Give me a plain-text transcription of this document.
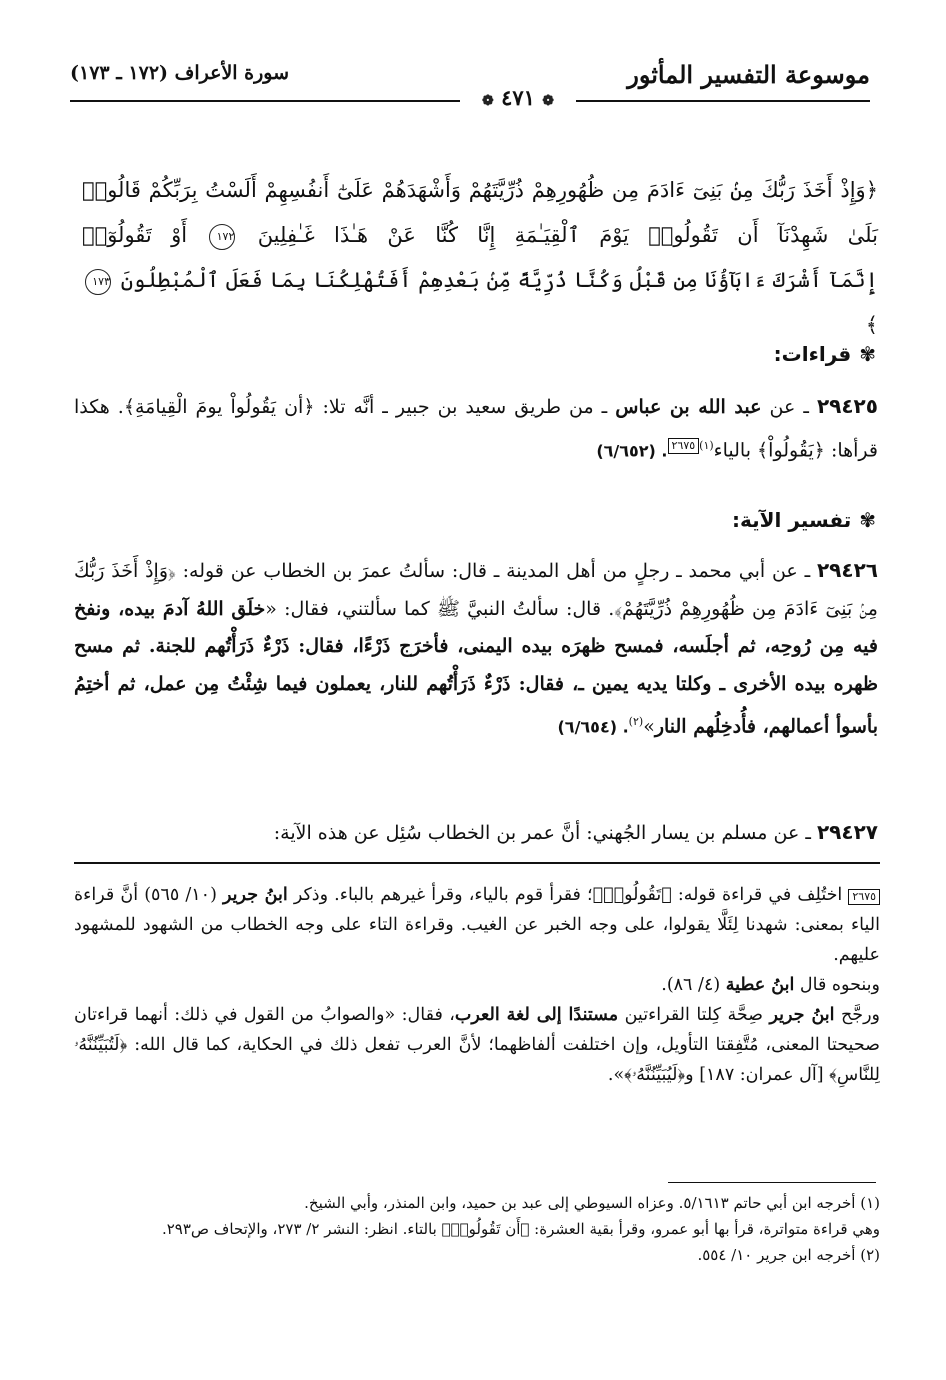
موسوعة التفسير المأثور
سورة الأعراف (١٧٢ ـ ١٧٣)
❁ ٤٧١ ❁
﴿وَإِذْ أَخَذَ رَبُّكَ مِنۢ بَنِىٓ ءَادَمَ مِن ظُهُورِهِمْ ذُرِّيَّتَهُمْ وَأَشْهَدَهُمْ عَلَىٰٓ أَنفُسِهِمْ أَلَسْتُ بِرَبِّكُمْ قَالُوا۟ بَلَىٰ شَهِدْنَآ أَن تَقُولُوا۟ يَوْمَ ٱلْقِيَـٰمَةِ إِنَّا كُنَّا عَنْ هَـٰذَا غَـٰفِلِينَ ١٧٢ أَوْ تَقُولُوٓا۟
إِنَّمَآ أَشْرَكَ ءَابَآؤُنَا مِن قَبْلُ وَكُنَّا ذُرِّيَّةً مِّنۢ بَعْدِهِمْ أَفَتُهْلِكُنَا بِمَا فَعَلَ ٱلْمُبْطِلُونَ ١٧٣ ﴾
✾قراءات:
٢٩٤٢٥ ـ عن عبد الله بن عباس ـ من طريق سعيد بن جبير ـ أنَّه تلا: ﴿أن يَقُولُواْ يومَ الْقِيامَةِ﴾. هكذا قرأها: ﴿يَقُولُواْ﴾ بالياء$^{(١)}$٢٦٧٥. (٦/٦٥٢)
✾تفسير الآية:
٢٩٤٢٦ ـ عن أبي محمد ـ رجلٍ من أهل المدينة ـ قال: سألتُ عمرَ بن الخطاب عن قوله: ﴿وَإِذْ أَخَذَ رَبُّكَ مِنۢ بَنِىٓ ءَادَمَ مِن ظُهُورِهِمْ ذُرِّيَّتَهُمْ﴾. قال: سألتُ النبيَّ ﷺ كما سألتني، فقال: «خلَق اللهُ آدمَ بيده، ونفخ فيه مِن رُوحِه، ثم أجلَسه، فمسح ظهرَه بيده اليمنى، فأخرَج ذَرْءًا، فقال: ذَرْءٌ ذَرَأْتُهم للجنة. ثم مسح ظهره بيده الأخرى ـ وكلتا يديه يمين ـ، فقال: ذَرْءٌ ذَرَأْتُهم للنار، يعملون فيما شِئْتُ مِن عمل، ثم أختِمُ بأسوأ أعمالهم، فأُدخِلُهم النار»$^{(٢)}$. (٦/٦٥٤)
٢٩٤٢٧ ـ عن مسلم بن يسار الجُهني: أنَّ عمر بن الخطاب سُئِل عن هذه الآية:

٢٦٧٥ اختُلِف في قراءة قوله: ﴿تَقُولُوا۟﴾؛ فقرأ قوم بالياء، وقرأ غيرهم بالباء. وذكر ابنُ جرير (١٠/ ٥٦٥) أنَّ قراءة الياء بمعنى: شهدنا لِئَلَّا يقولوا، على وجه الخبر عن الغيب. وقراءة التاء على وجه الخطاب من الشهود للمشهود عليهم.

وبنحوه قال ابنُ عطية (٤/ ٨٦).

ورجَّح ابنُ جرير صِحَّة كِلتا القراءتين مستندًا إلى لغة العرب، فقال: «والصوابُ من القول في ذلك: أنهما قراءتان صحيحتا المعنى، مُتَّفِقتا التأويل، وإن اختلفت ألفاظهما؛ لأنَّ العرب تفعل ذلك في الحكاية، كما قال الله: ﴿لَتُبَيِّنُنَّهُۥ لِلنَّاسِ﴾ [آل عمران: ١٨٧] و﴿لَيُبَيِّنُنَّهُۥ﴾».

(١) أخرجه ابن أبي حاتم ٥/١٦١٣. وعزاه السيوطي إلى عبد بن حميد، وابن المنذر، وأبي الشيخ.

وهي قراءة متواترة، قرأ بها أبو عمرو، وقرأ بقية العشرة: ﴿أَن تَقُولُوا۟﴾ بالتاء. انظر: النشر ٢/ ٢٧٣، والإتحاف ص٢٩٣.

(٢) أخرجه ابن جرير ١٠/ ٥٥٤.
